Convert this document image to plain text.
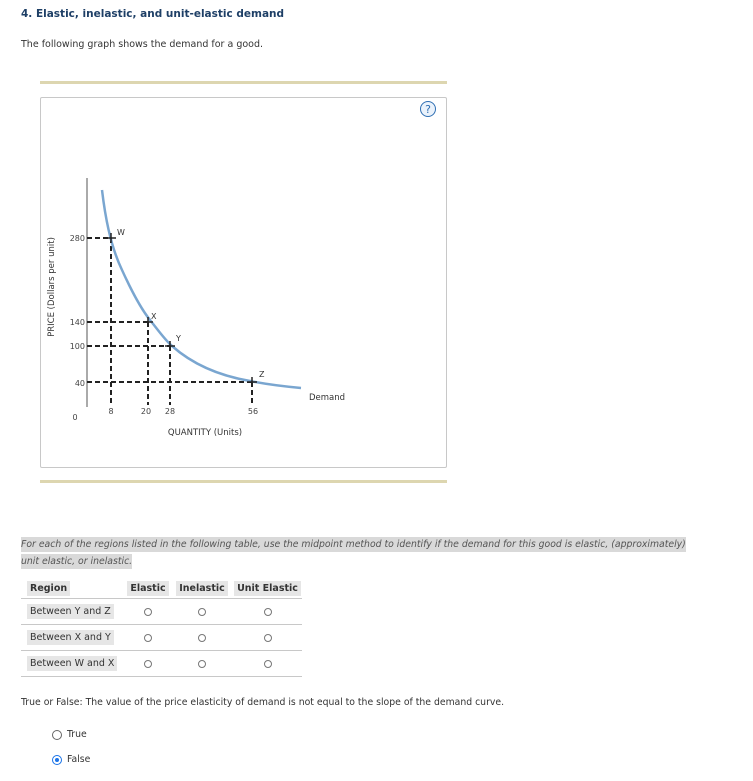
4. Elastic, inelastic, and unit-elastic demand
The following graph shows the demand for a good.
?
PRICE (Dollars per unit) 280
140
100
40
0
W
X
Y
Z
8	20 28	56
QUANTITY (Units)
Demand
For each of the regions listed in the following table, use the midpoint method to identify if the demand for this good is elastic, (approximately) unit elastic, or inelastic.
Region	Elastic	Inelastic	Unit Elastic
Between Y and Z			
Between X and Y			
Between W and X			
True or False: The value of the price elasticity of demand is not equal to the slope of the demand curve.
True
False
